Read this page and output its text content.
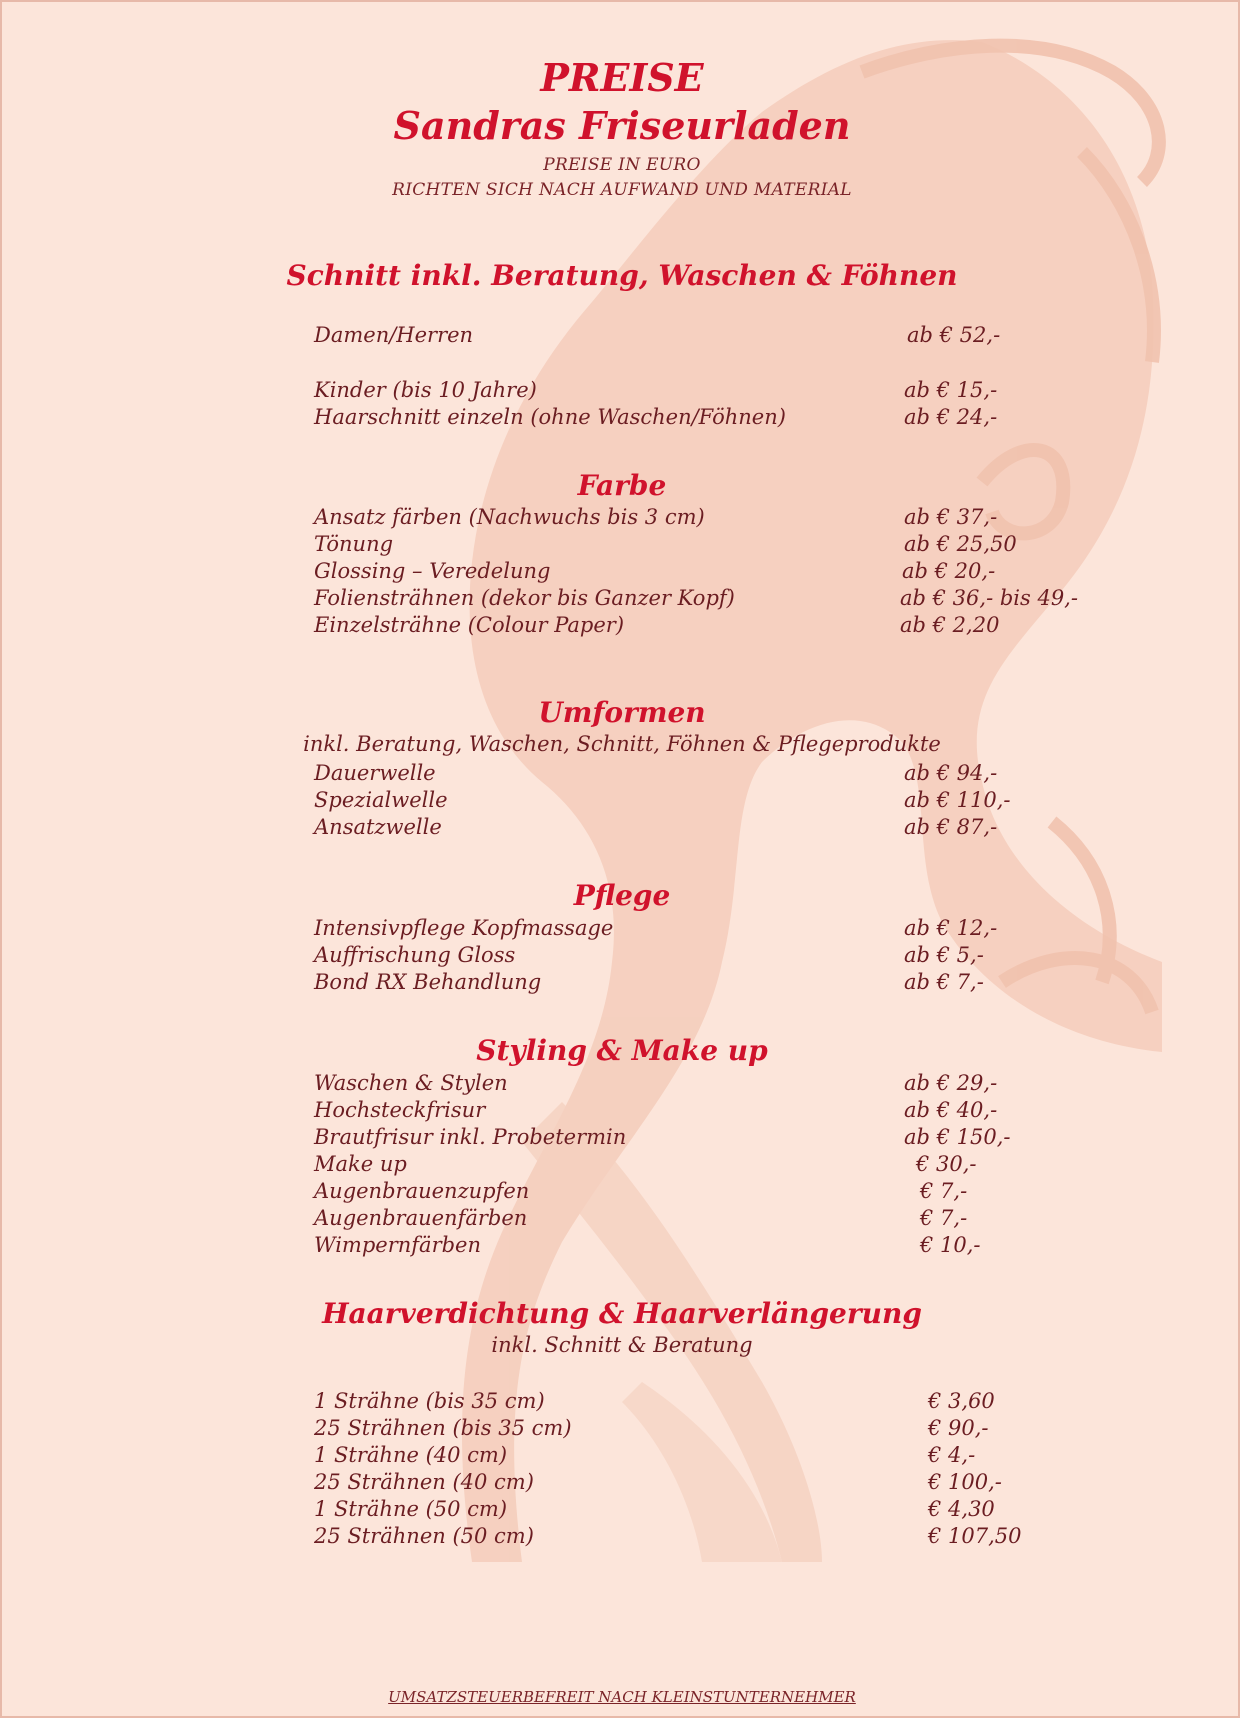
PREISE
Sandras Friseurladen
PREISE IN EURO
RICHTEN SICH NACH AUFWAND UND MATERIAL
Schnitt inkl. Beratung, Waschen & Föhnen
Damen/Herren	ab € 52,-
Kinder (bis 10 Jahre)	ab € 15,-
Haarschnitt einzeln (ohne Waschen/Föhnen)	ab € 24,-
Farbe
Ansatz färben (Nachwuchs bis 3 cm)	ab € 37,-
Tönung	ab € 25,50
Glossing – Veredelung	ab € 20,-
Foliensträhnen (dekor bis Ganzer Kopf)	ab € 36,- bis 49,-
Einzelsträhne (Colour Paper)	ab € 2,20
Umformen
inkl. Beratung, Waschen, Schnitt, Föhnen & Pflegeprodukte
Dauerwelle	ab € 94,-
Spezialwelle	ab € 110,-
Ansatzwelle	ab € 87,-
Pflege
Intensivpflege Kopfmassage	ab € 12,-
Auffrischung Gloss	ab € 5,-
Bond RX Behandlung	ab € 7,-
Styling & Make up
Waschen & Stylen	ab € 29,-
Hochsteckfrisur	ab € 40,-
Brautfrisur inkl. Probetermin	ab € 150,-
Make up	€ 30,-
Augenbrauenzupfen	€ 7,-
Augenbrauenfärben	€ 7,-
Wimpernfärben	€ 10,-
Haarverdichtung & Haarverlängerung
inkl. Schnitt & Beratung
1 Strähne (bis 35 cm)	€ 3,60
25 Strähnen (bis 35 cm)	€ 90,-
1 Strähne (40 cm)	€ 4,-
25 Strähnen (40 cm)	€ 100,-
1 Strähne (50 cm)	€ 4,30
25 Strähnen (50 cm)	€ 107,50
UMSATZSTEUERBEFREIT NACH KLEINSTUNTERNEHMER
